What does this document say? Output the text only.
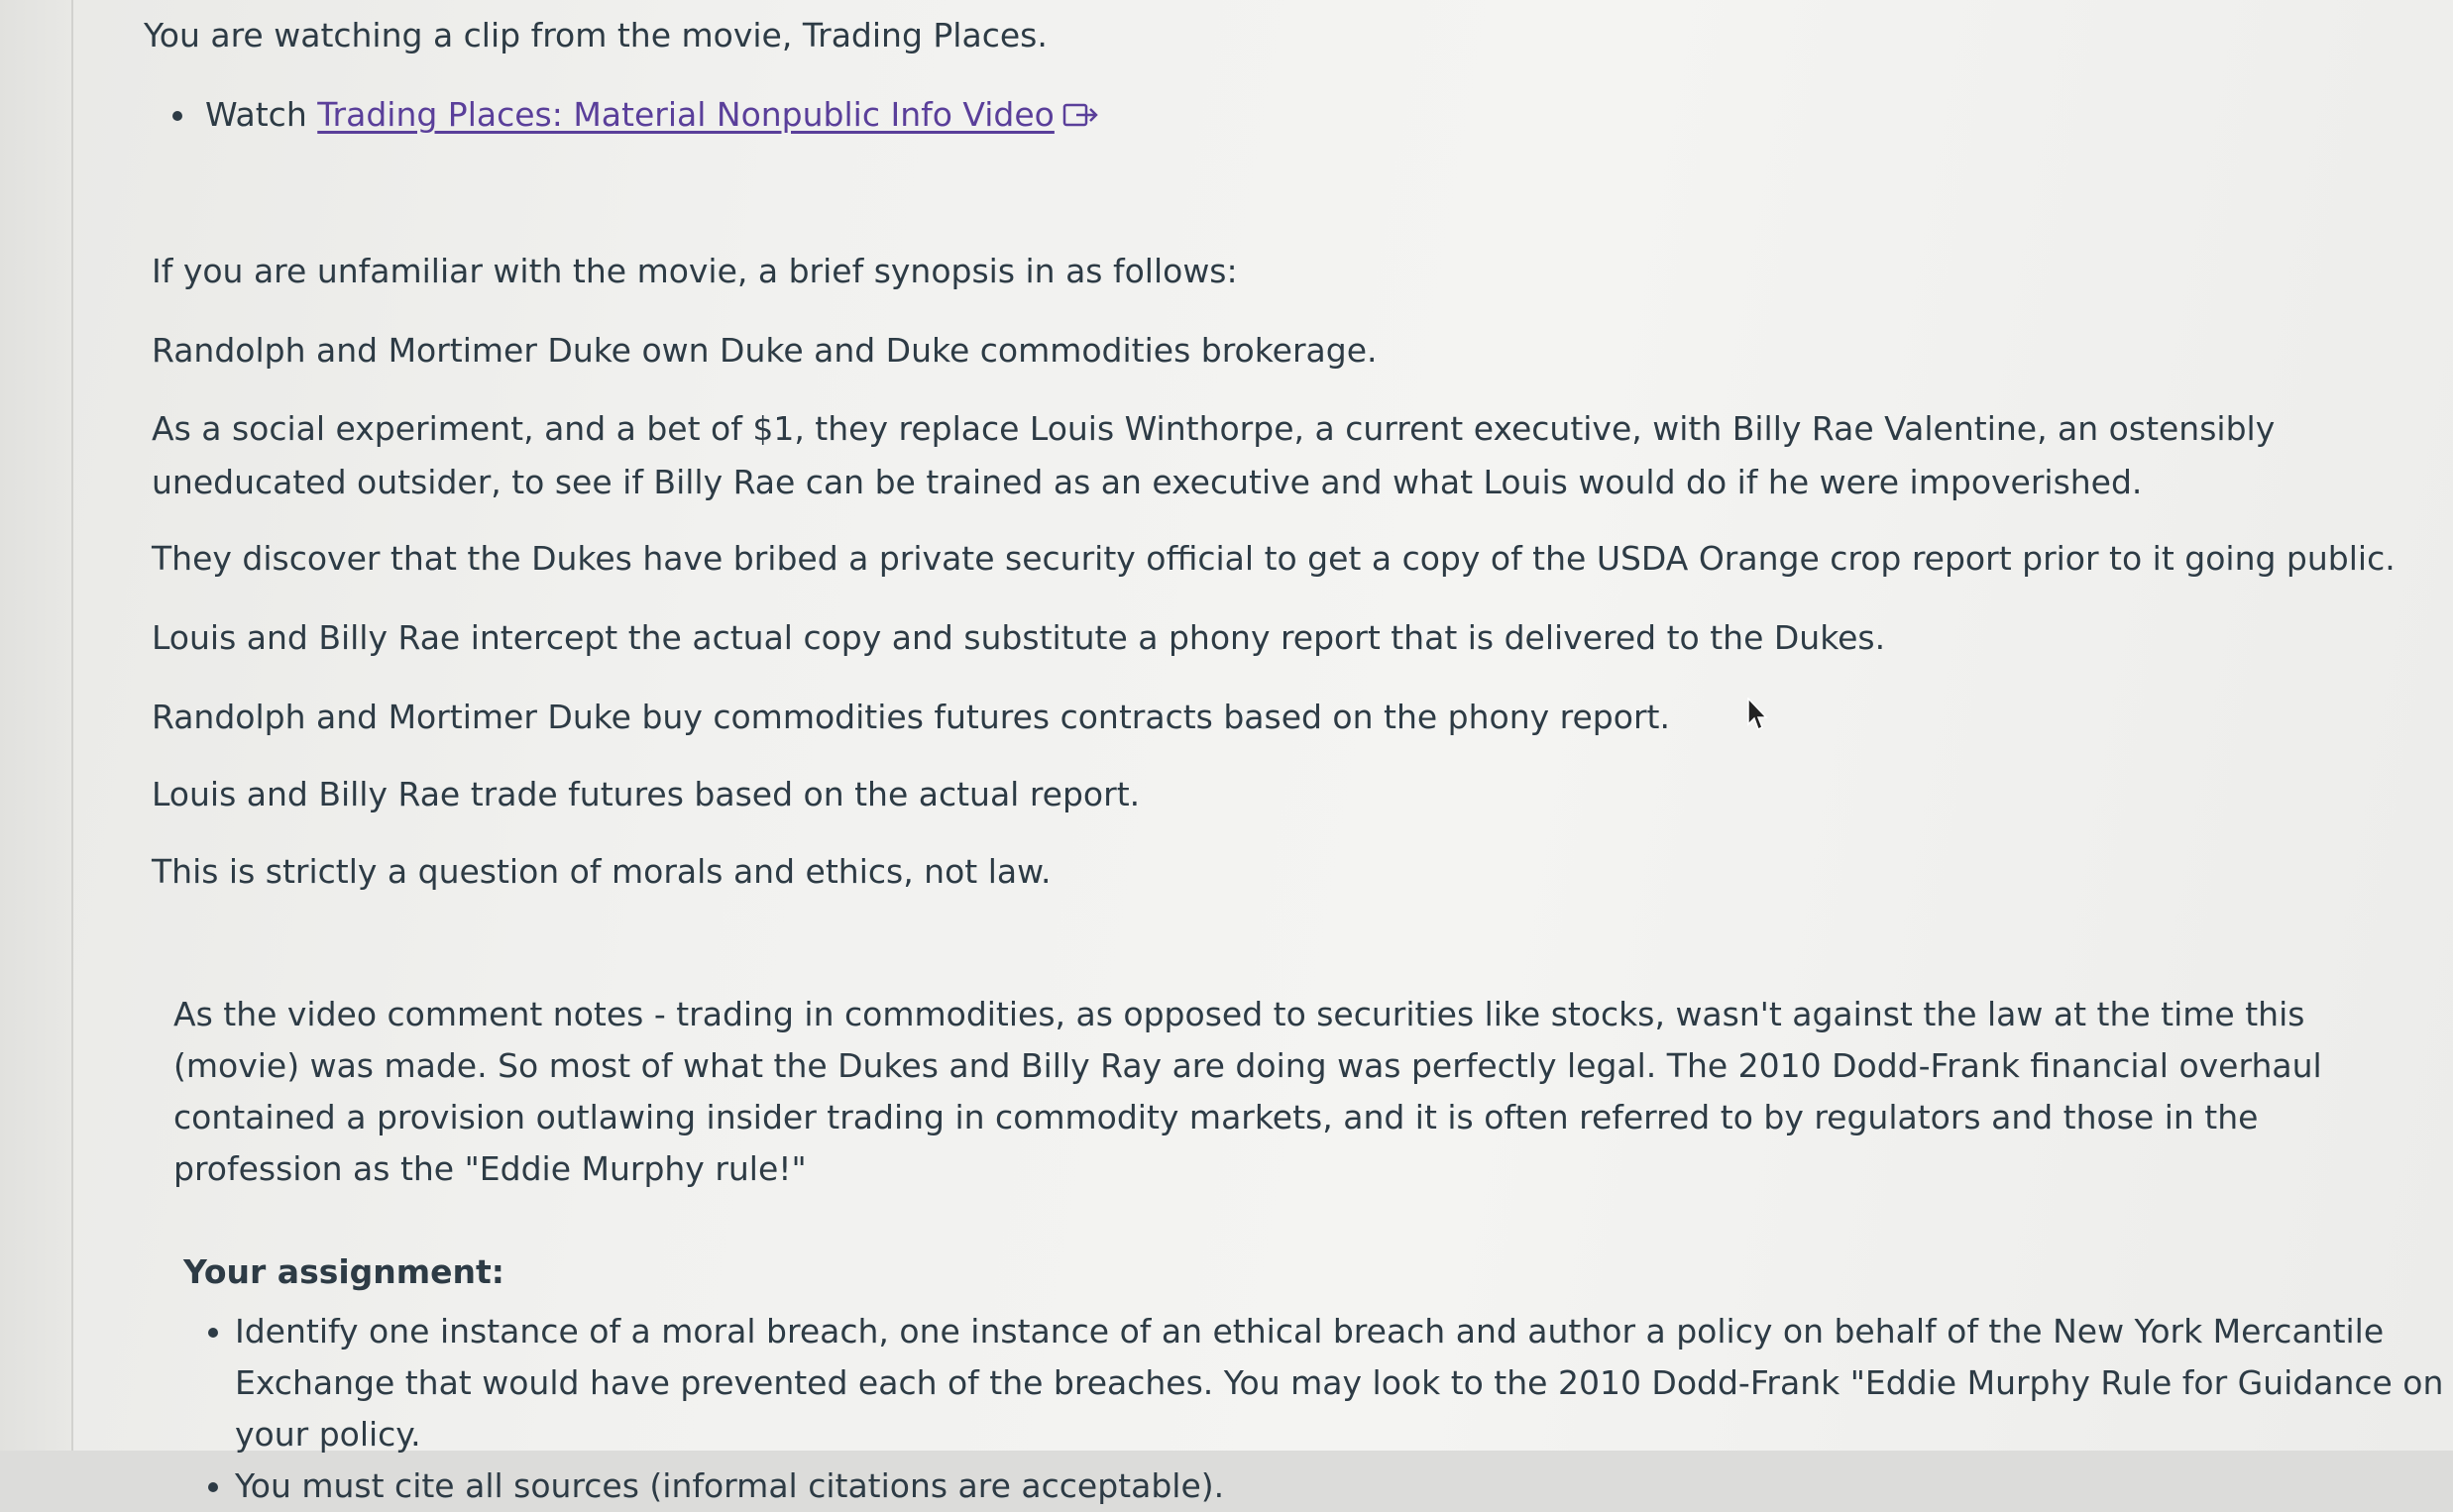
You are watching a clip from the movie, Trading Places.

• Watch Trading Places: Material Nonpublic Info Video

If you are unfamiliar with the movie, a brief synopsis in as follows:

Randolph and Mortimer Duke own Duke and Duke commodities brokerage.

As a social experiment, and a bet of $1, they replace Louis Winthorpe, a current executive, with Billy Rae Valentine, an ostensibly uneducated outsider, to see if Billy Rae can be trained as an executive and what Louis would do if he were impoverished.

They discover that the Dukes have bribed a private security official to get a copy of the USDA Orange crop report prior to it going public.

Louis and Billy Rae intercept the actual copy and substitute a phony report that is delivered to the Dukes.

Randolph and Mortimer Duke buy commodities futures contracts based on the phony report.

Louis and Billy Rae trade futures based on the actual report.

This is strictly a question of morals and ethics, not law.

As the video comment notes - trading in commodities, as opposed to securities like stocks, wasn't against the law at the time this (movie) was made. So most of what the Dukes and Billy Ray are doing was perfectly legal. The 2010 Dodd-Frank financial overhaul contained a provision outlawing insider trading in commodity markets, and it is often referred to by regulators and those in the profession as the "Eddie Murphy rule!"

Your assignment:

• Identify one instance of a moral breach, one instance of an ethical breach and author a policy on behalf of the New York Mercantile Exchange that would have prevented each of the breaches. You may look to the 2010 Dodd-Frank "Eddie Murphy Rule for Guidance on your policy.
• You must cite all sources (informal citations are acceptable).
